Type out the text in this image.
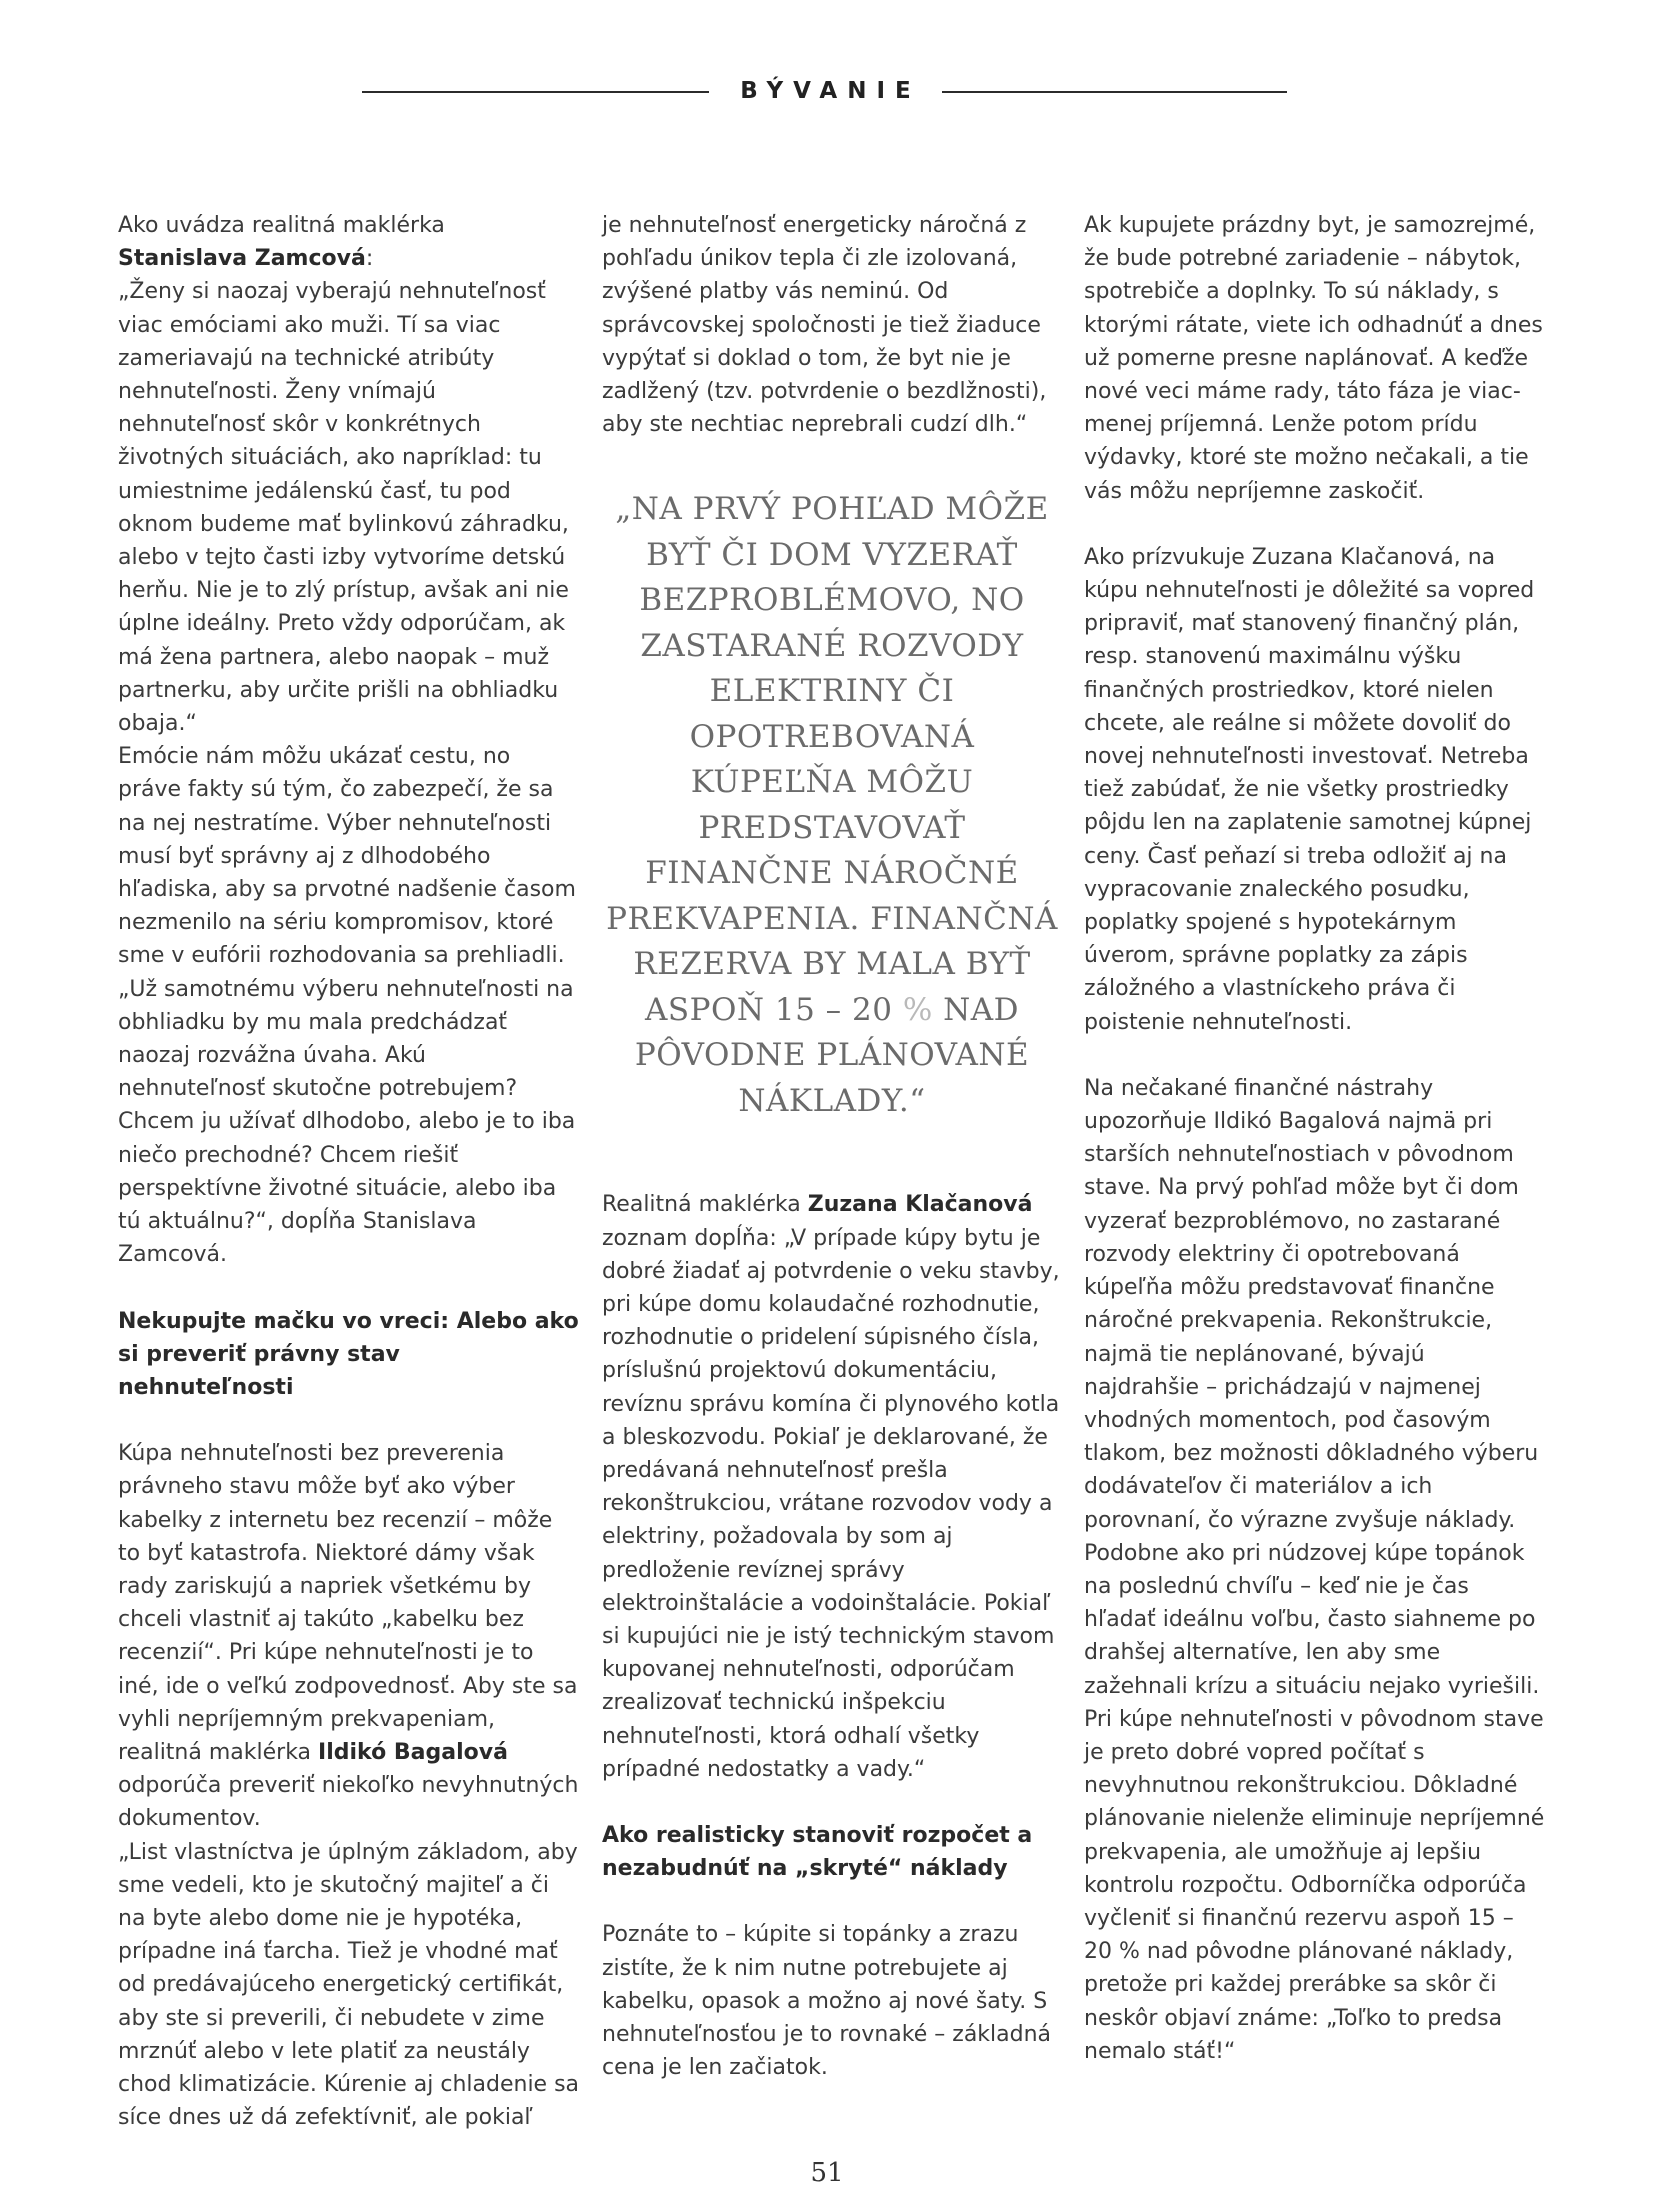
BÝVANIE

Ako uvádza realitná maklérka Stanislava Zamcová:

„Ženy si naozaj vyberajú nehnuteľnosť viac emóciami ako muži. Tí sa viac zameriavajú na technické atribúty nehnuteľnosti. Ženy vnímajú nehnuteľnosť skôr v konkrétnych životných situáciách, ako napríklad: tu umiestnime jedálenskú časť, tu pod oknom budeme mať bylinkovú záhradku, alebo v tejto časti izby vytvoríme detskú herňu. Nie je to zlý prístup, avšak ani nie úplne ideálny. Preto vždy odporúčam, ak má žena partnera, alebo naopak – muž partnerku, aby určite prišli na obhliadku obaja.“

Emócie nám môžu ukázať cestu, no práve fakty sú tým, čo zabezpečí, že sa na nej nestratíme. Výber nehnuteľnosti musí byť správny aj z dlhodobého hľadiska, aby sa prvotné nadšenie časom nezmenilo na sériu kompromisov, ktoré sme v eufórii rozhodovania sa prehliadli.

„Už samotnému výberu nehnuteľnosti na obhliadku by mu mala predchádzať naozaj rozvážna úvaha. Akú nehnuteľnosť skutočne potrebujem? Chcem ju užívať dlhodobo, alebo je to iba niečo prechodné? Chcem riešiť perspektívne životné situácie, alebo iba tú aktuálnu?“, dopĺňa Stanislava Zamcová.

Nekupujte mačku vo vreci: Alebo ako si preveriť právny stav nehnuteľnosti

Kúpa nehnuteľnosti bez preverenia právneho stavu môže byť ako výber kabelky z internetu bez recenzií – môže to byť katastrofa. Niektoré dámy však rady zariskujú a napriek všetkému by chceli vlastniť aj takúto „kabelku bez recenzií“. Pri kúpe nehnuteľnosti je to iné, ide o veľkú zodpovednosť. Aby ste sa vyhli nepríjemným prekvapeniam, realitná maklérka Ildikó Bagalová odporúča preveriť niekoľko nevyhnutných dokumentov.

„List vlastníctva je úplným základom, aby sme vedeli, kto je skutočný majiteľ a či na byte alebo dome nie je hypotéka, prípadne iná ťarcha. Tiež je vhodné mať od predávajúceho energetický certifikát, aby ste si preverili, či nebudete v zime mrznúť alebo v lete platiť za neustály chod klimatizácie. Kúrenie aj chladenie sa síce dnes už dá zefektívniť, ale pokiaľ

je nehnuteľnosť energeticky náročná z pohľadu únikov tepla či zle izolovaná, zvýšené platby vás neminú. Od správcovskej spoločnosti je tiež žiaduce vypýtať si doklad o tom, že byt nie je zadlžený (tzv. potvrdenie o bezdlžnosti), aby ste nechtiac neprebrali cudzí dlh.“

„NA PRVÝ POHĽAD MÔŽE BYŤ ČI DOM VYZERAŤ BEZPROBLÉMOVO, NO ZASTARANÉ ROZVODY ELEKTRINY ČI OPOTREBOVANÁ KÚPEĽŇA MÔŽU PREDSTAVOVAŤ FINANČNE NÁROČNÉ PREKVAPENIA. FINANČNÁ REZERVA BY MALA BYŤ ASPOŇ 15 – 20 % NAD PÔVODNE PLÁNOVANÉ NÁKLADY.“

Realitná maklérka Zuzana Klačanová zoznam dopĺňa: „V prípade kúpy bytu je dobré žiadať aj potvrdenie o veku stavby, pri kúpe domu kolaudačné rozhodnutie, rozhodnutie o pridelení súpisného čísla, príslušnú projektovú dokumentáciu, revíznu správu komína či plynového kotla a bleskozvodu. Pokiaľ je deklarované, že predávaná nehnuteľnosť prešla rekonštrukciou, vrátane rozvodov vody a elektriny, požadovala by som aj predloženie revíznej správy elektroinštalácie a vodoinštalácie. Pokiaľ si kupujúci nie je istý technickým stavom kupovanej nehnuteľnosti, odporúčam zrealizovať technickú inšpekciu nehnuteľnosti, ktorá odhalí všetky prípadné nedostatky a vady.“

Ako realisticky stanoviť rozpočet a nezabudnúť na „skryté“ náklady

Poznáte to – kúpite si topánky a zrazu zistíte, že k nim nutne potrebujete aj kabelku, opasok a možno aj nové šaty. S nehnuteľnosťou je to rovnaké – základná cena je len začiatok.

Ak kupujete prázdny byt, je samozrejmé, že bude potrebné zariadenie – nábytok, spotrebiče a doplnky. To sú náklady, s ktorými rátate, viete ich odhadnúť a dnes už pomerne presne naplánovať. A keďže nové veci máme rady, táto fáza je viac-menej príjemná. Lenže potom prídu výdavky, ktoré ste možno nečakali, a tie vás môžu nepríjemne zaskočiť.

Ako prízvukuje Zuzana Klačanová, na kúpu nehnuteľnosti je dôležité sa vopred pripraviť, mať stanovený finančný plán, resp. stanovenú maximálnu výšku finančných prostriedkov, ktoré nielen chcete, ale reálne si môžete dovoliť do novej nehnuteľnosti investovať. Netreba tiež zabúdať, že nie všetky prostriedky pôjdu len na zaplatenie samotnej kúpnej ceny. Časť peňazí si treba odložiť aj na vypracovanie znaleckého posudku, poplatky spojené s hypotekárnym úverom, správne poplatky za zápis záložného a vlastníckeho práva či poistenie nehnuteľnosti.

Na nečakané finančné nástrahy upozorňuje Ildikó Bagalová najmä pri starších nehnuteľnostiach v pôvodnom stave. Na prvý pohľad môže byt či dom vyzerať bezproblémovo, no zastarané rozvody elektriny či opotrebovaná kúpeľňa môžu predstavovať finančne náročné prekvapenia. Rekonštrukcie, najmä tie neplánované, bývajú najdrahšie – prichádzajú v najmenej vhodných momentoch, pod časovým tlakom, bez možnosti dôkladného výberu dodávateľov či materiálov a ich porovnaní, čo výrazne zvyšuje náklady. Podobne ako pri núdzovej kúpe topánok na poslednú chvíľu – keď nie je čas hľadať ideálnu voľbu, často siahneme po drahšej alternatíve, len aby sme zažehnali krízu a situáciu nejako vyriešili. Pri kúpe nehnuteľnosti v pôvodnom stave je preto dobré vopred počítať s nevyhnutnou rekonštrukciou. Dôkladné plánovanie nielenže eliminuje nepríjemné prekvapenia, ale umožňuje aj lepšiu kontrolu rozpočtu. Odborníčka odporúča vyčleniť si finančnú rezervu aspoň 15 – 20 % nad pôvodne plánované náklady, pretože pri každej prerábke sa skôr či neskôr objaví známe: „Toľko to predsa nemalo stáť!“

51
